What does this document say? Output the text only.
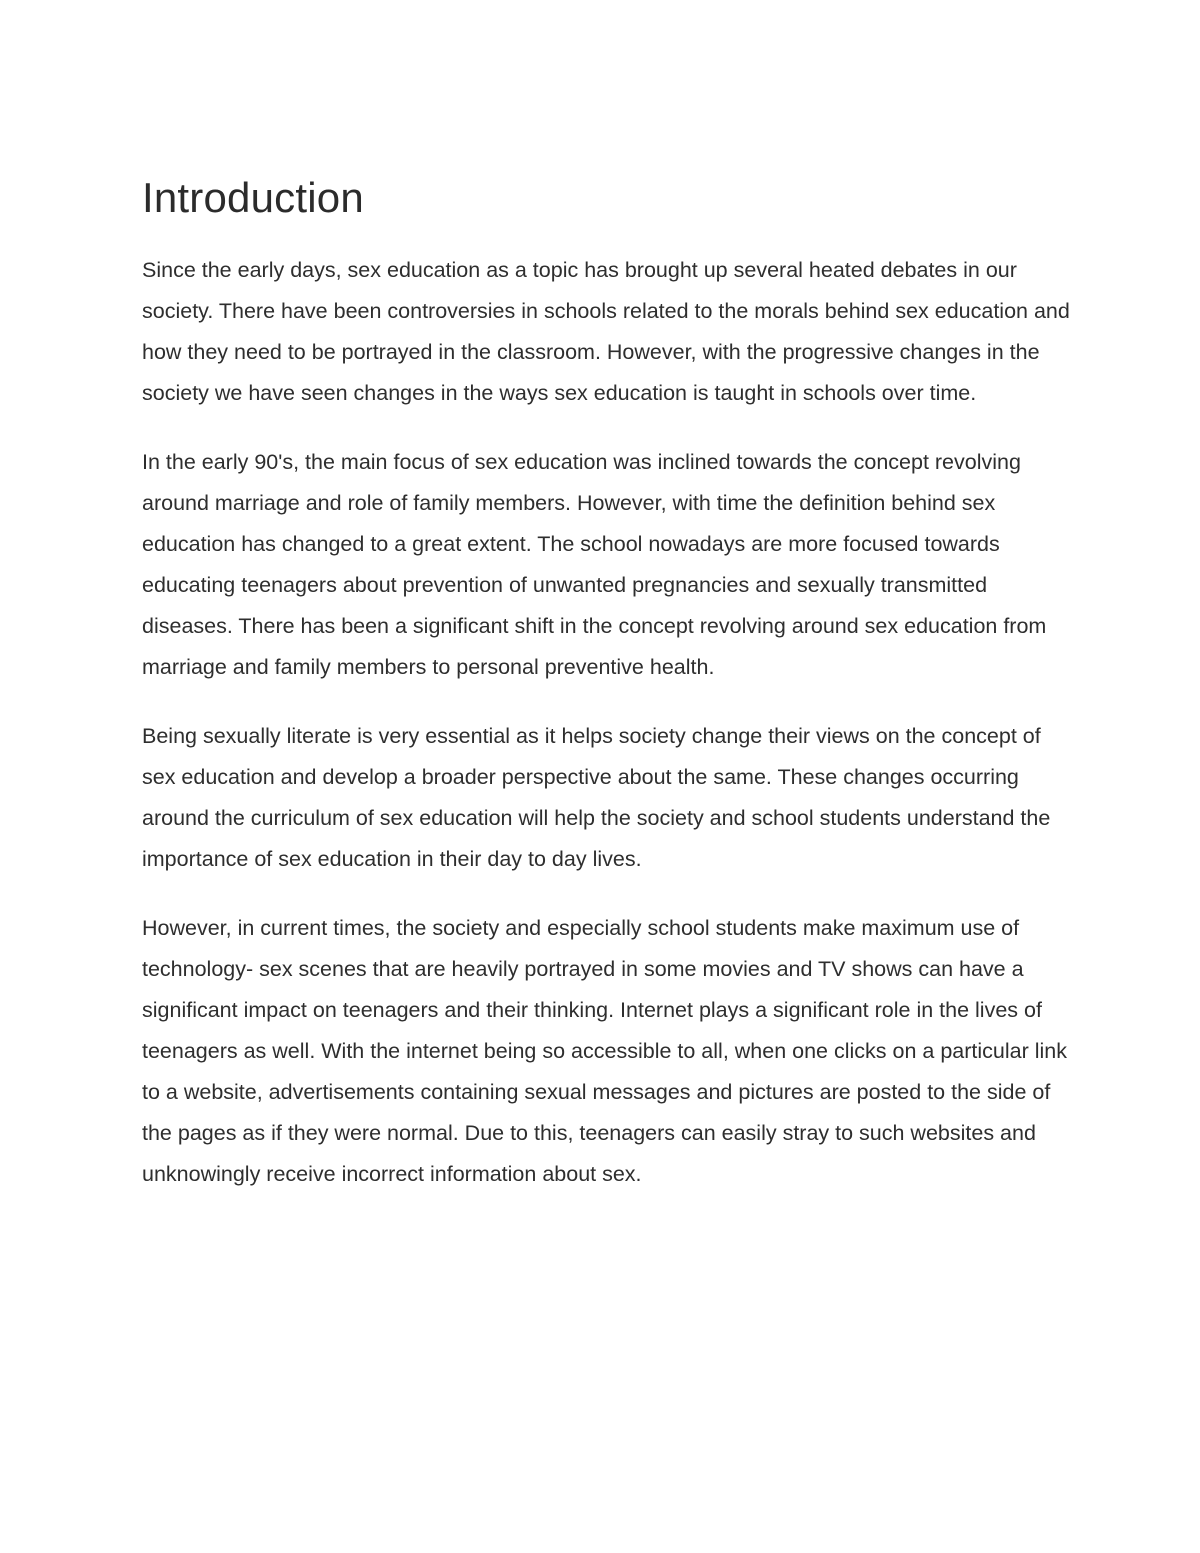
Introduction

Since the early days, sex education as a topic has brought up several heated debates in our society. There have been controversies in schools related to the morals behind sex education and how they need to be portrayed in the classroom. However, with the progressive changes in the society we have seen changes in the ways sex education is taught in schools over time.

In the early 90's, the main focus of sex education was inclined towards the concept revolving around marriage and role of family members. However, with time the definition behind sex education has changed to a great extent. The school nowadays are more focused towards educating teenagers about prevention of unwanted pregnancies and sexually transmitted diseases. There has been a significant shift in the concept revolving around sex education from marriage and family members to personal preventive health.

Being sexually literate is very essential as it helps society change their views on the concept of sex education and develop a broader perspective about the same. These changes occurring around the curriculum of sex education will help the society and school students understand the importance of sex education in their day to day lives.

However, in current times, the society and especially school students make maximum use of technology- sex scenes that are heavily portrayed in some movies and TV shows can have a significant impact on teenagers and their thinking. Internet plays a significant role in the lives of teenagers as well. With the internet being so accessible to all, when one clicks on a particular link to a website, advertisements containing sexual messages and pictures are posted to the side of the pages as if they were normal. Due to this, teenagers can easily stray to such websites and unknowingly receive incorrect information about sex.
